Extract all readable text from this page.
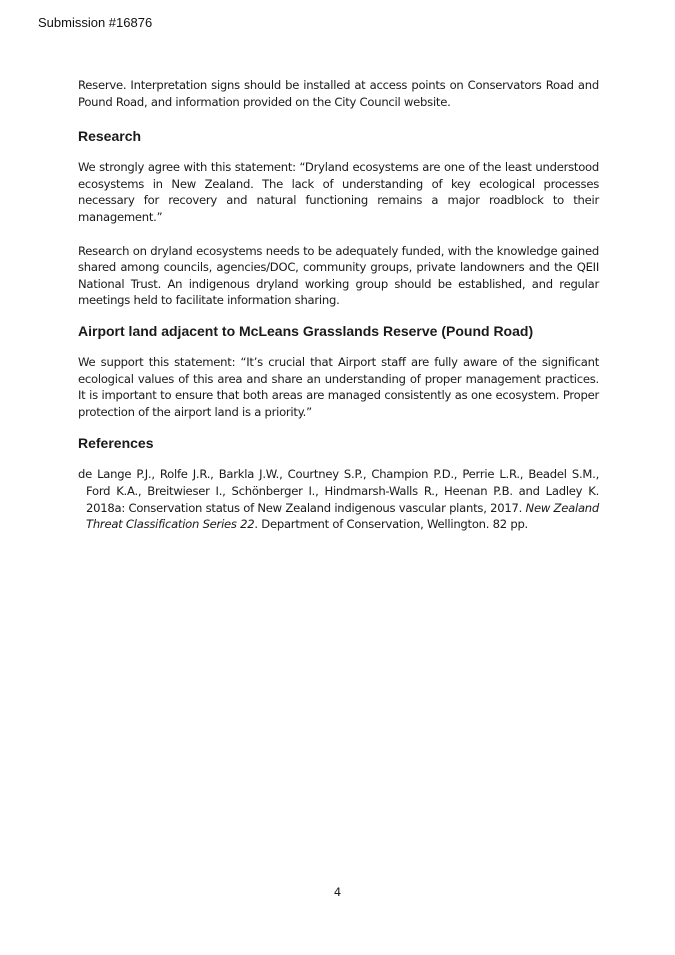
Submission #16876

Reserve. Interpretation signs should be installed at access points on Conservators Road and Pound Road, and information provided on the City Council website.

Research

We strongly agree with this statement: “Dryland ecosystems are one of the least understood ecosystems in New Zealand. The lack of understanding of key ecological processes necessary for recovery and natural functioning remains a major roadblock to their management.”

Research on dryland ecosystems needs to be adequately funded, with the knowledge gained shared among councils, agencies/DOC, community groups, private landowners and the QEII National Trust. An indigenous dryland working group should be established, and regular meetings held to facilitate information sharing.

Airport land adjacent to McLeans Grasslands Reserve (Pound Road)

We support this statement: “It’s crucial that Airport staff are fully aware of the significant ecological values of this area and share an understanding of proper management practices. It is important to ensure that both areas are managed consistently as one ecosystem. Proper protection of the airport land is a priority.”

References

de Lange P.J., Rolfe J.R., Barkla J.W., Courtney S.P., Champion P.D., Perrie L.R., Beadel S.M., Ford K.A., Breitwieser I., Schönberger I., Hindmarsh-Walls R., Heenan P.B. and Ladley K. 2018a: Conservation status of New Zealand indigenous vascular plants, 2017. New Zealand Threat Classification Series 22. Department of Conservation, Wellington. 82 pp.

4
